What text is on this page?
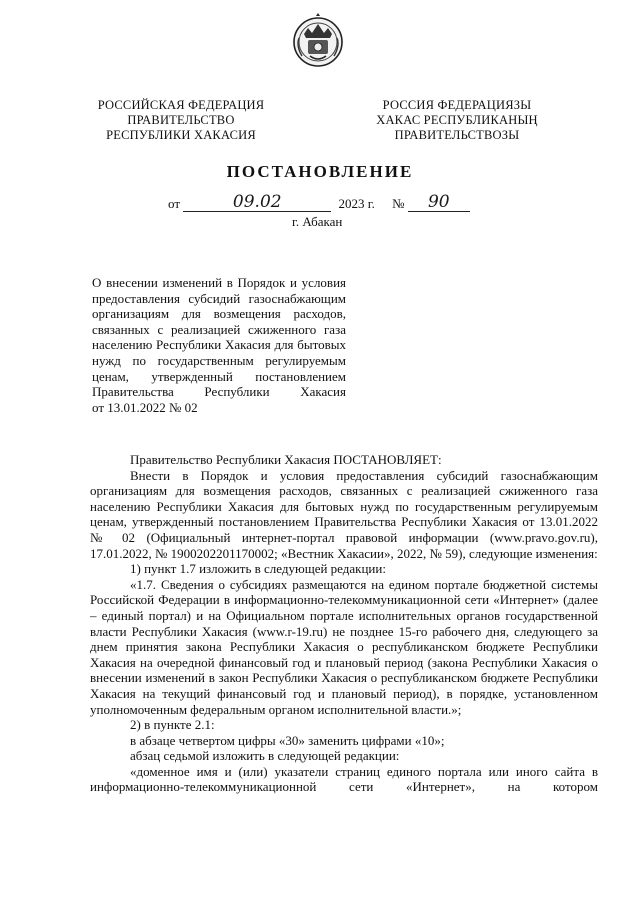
РОССИЙСКАЯ ФЕДЕРАЦИЯ
ПРАВИТЕЛЬСТВО
РЕСПУБЛИКИ ХАКАСИЯ
РОССИЯ ФЕДЕРАЦИЯЗЫ
ХАКАС РЕСПУБЛИКАНЫҢ
ПРАВИТЕЛЬСТВОЗЫ
ПОСТАНОВЛЕНИЕ
от	09.02	2023 г. №	90
г. Абакан
О внесении изменений в Порядок и условия
предоставления субсидий газоснабжающим
организациям для возмещения расходов,
связанных с реализацией сжиженного газа
населению Республики Хакасия для бытовых
нужд по государственным регулируемым
ценам, утвержденный постановлением
Правительства Республики Хакасия
от 13.01.2022 № 02

Правительство Республики Хакасия ПОСТАНОВЛЯЕТ:

Внести в Порядок и условия предоставления субсидий газоснабжающим организациям для возмещения расходов, связанных с реализацией сжиженного газа населению Республики Хакасия для бытовых нужд по государственным регулируемым ценам, утвержденный постановлением Правительства Республики Хакасия от 13.01.2022 № 02 (Официальный интернет-портал правовой информации (www.pravo.gov.ru), 17.01.2022, № 1900202201170002; «Вестник Хакасии», 2022, № 59), следующие изменения:

1) пункт 1.7 изложить в следующей редакции:

«1.7. Сведения о субсидиях размещаются на едином портале бюджетной системы Российской Федерации в информационно-телекоммуникационной сети «Интернет» (далее – единый портал) и на Официальном портале исполнительных органов государственной власти Республики Хакасия (www.r-19.ru) не позднее 15-го рабочего дня, следующего за днем принятия закона Республики Хакасия о республиканском бюджете Республики Хакасия на очередной финансовый год и плановый период (закона Республики Хакасия о внесении изменений в закон Республики Хакасия о республиканском бюджете Республики Хакасия на текущий финансовый год и плановый период), в порядке, установленном уполномоченным федеральным органом исполнительной власти.»;

2) в пункте 2.1:

в абзаце четвертом цифры «30» заменить цифрами «10»;

абзац седьмой изложить в следующей редакции:

«доменное имя и (или) указатели страниц единого портала или иного сайта в информационно-телекоммуникационной сети «Интернет», на котором
